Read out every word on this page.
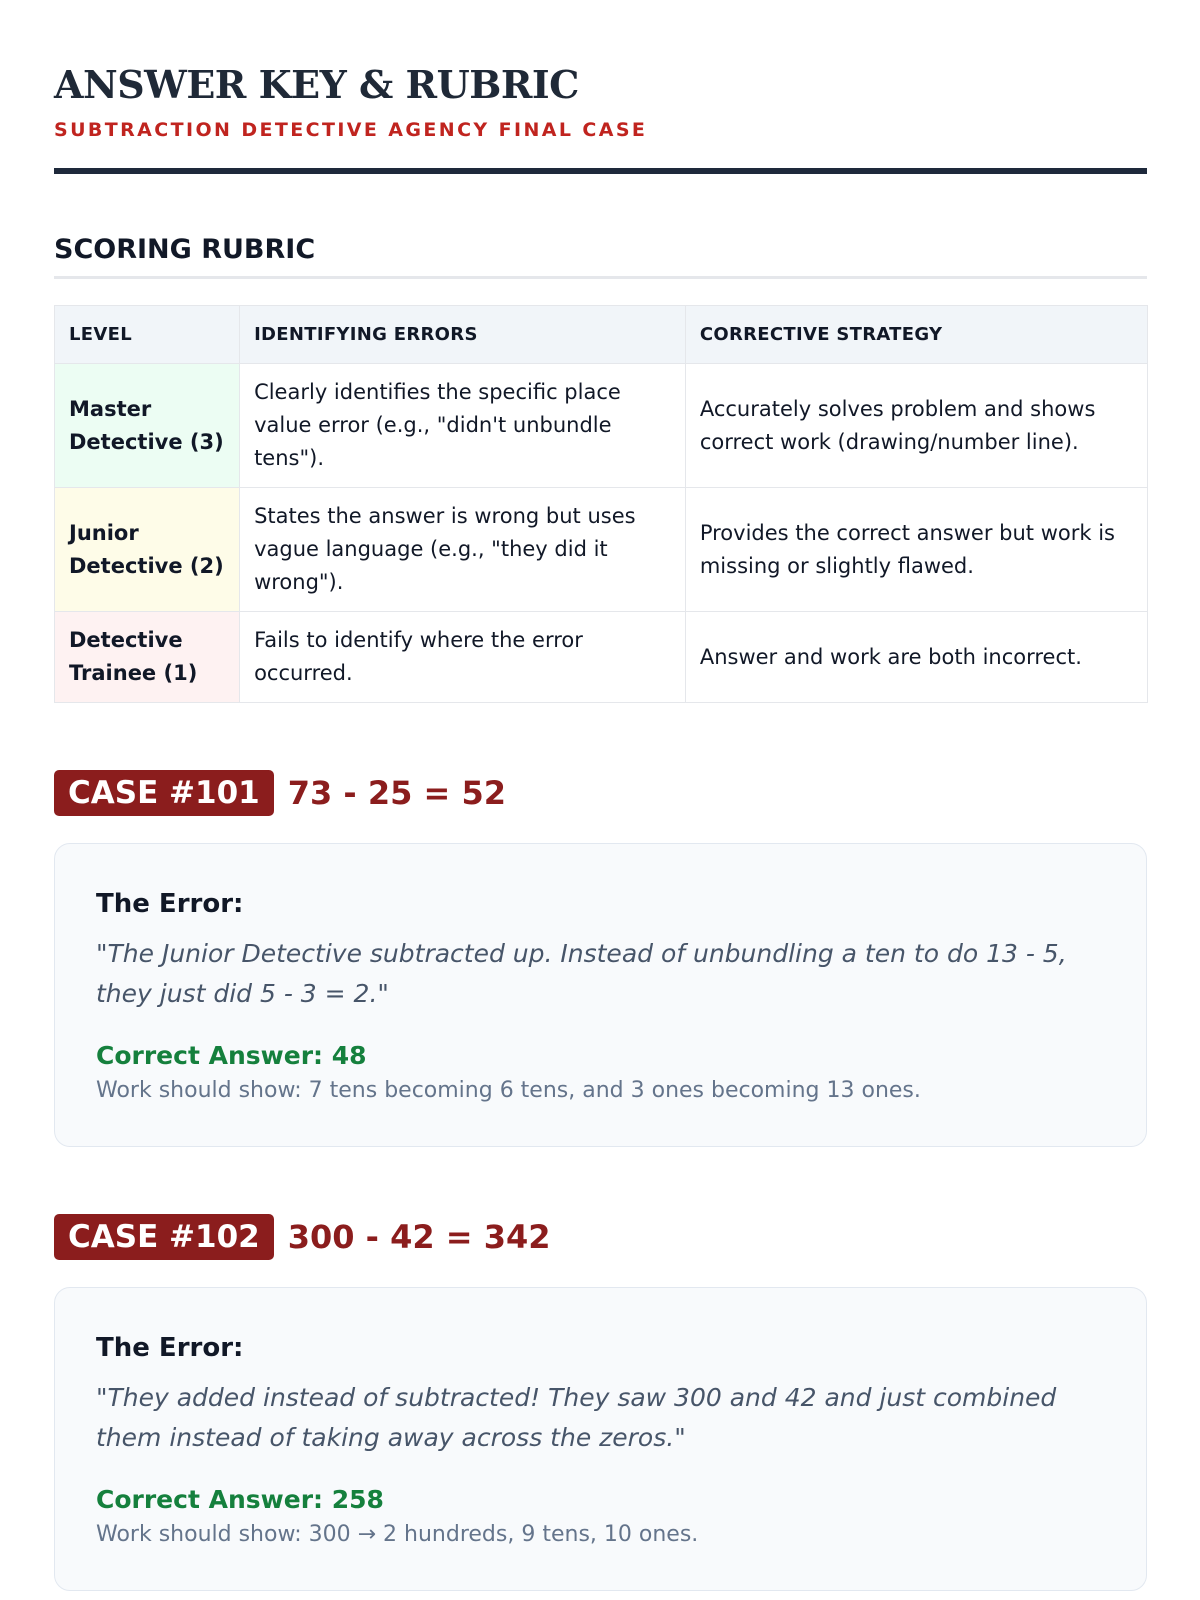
ANSWER KEY & RUBRIC
SUBTRACTION DETECTIVE AGENCY FINAL CASE
SCORING RUBRIC
LEVEL	IDENTIFYING ERRORS	CORRECTIVE STRATEGY
Master Detective (3)	Clearly identifies the specific place value error (e.g., "didn't unbundle tens").	Accurately solves problem and shows correct work (drawing/number line).
Junior Detective (2)	States the answer is wrong but uses vague language (e.g., "they did it wrong").	Provides the correct answer but work is missing or slightly flawed.
Detective Trainee (1)	Fails to identify where the error occurred.	Answer and work are both incorrect.
CASE #101 73 - 25 = 52
The Error:
"The Junior Detective subtracted up. Instead of unbundling a ten to do 13 - 5, they just did 5 - 3 = 2."
Correct Answer: 48
Work should show: 7 tens becoming 6 tens, and 3 ones becoming 13 ones.
CASE #102 300 - 42 = 342
The Error:
"They added instead of subtracted! They saw 300 and 42 and just combined them instead of taking away across the zeros."
Correct Answer: 258
Work should show: 300 → 2 hundreds, 9 tens, 10 ones.
